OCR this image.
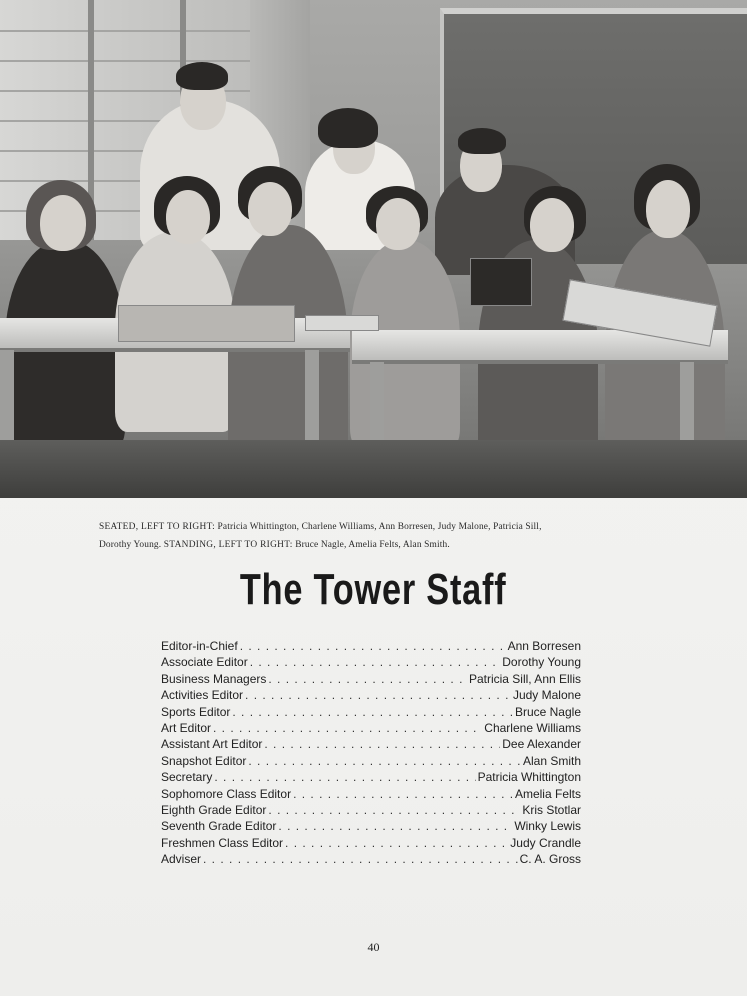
SEATED, LEFT TO RIGHT: Patricia Whittington, Charlene Williams, Ann Borresen, Judy Malone, Patricia Sill,
Dorothy Young. STANDING, LEFT TO RIGHT: Bruce Nagle, Amelia Felts, Alan Smith.
The Tower Staff
Editor-in-Chief . . .	Ann Borresen
Associate Editor . . .	Dorothy Young
Business Managers . . .	Patricia Sill, Ann Ellis
Activities Editor . . .	Judy Malone
Sports Editor . . .	Bruce Nagle
Art Editor . . .	Charlene Williams
Assistant Art Editor . . .	Dee Alexander
Snapshot Editor . . .	Alan Smith
Secretary . . .	Patricia Whittington
Sophomore Class Editor . . .	Amelia Felts
Eighth Grade Editor . . .	Kris Stotlar
Seventh Grade Editor . . .	Winky Lewis
Freshmen Class Editor . . .	Judy Crandle
Adviser . . .	C. A. Gross
40
